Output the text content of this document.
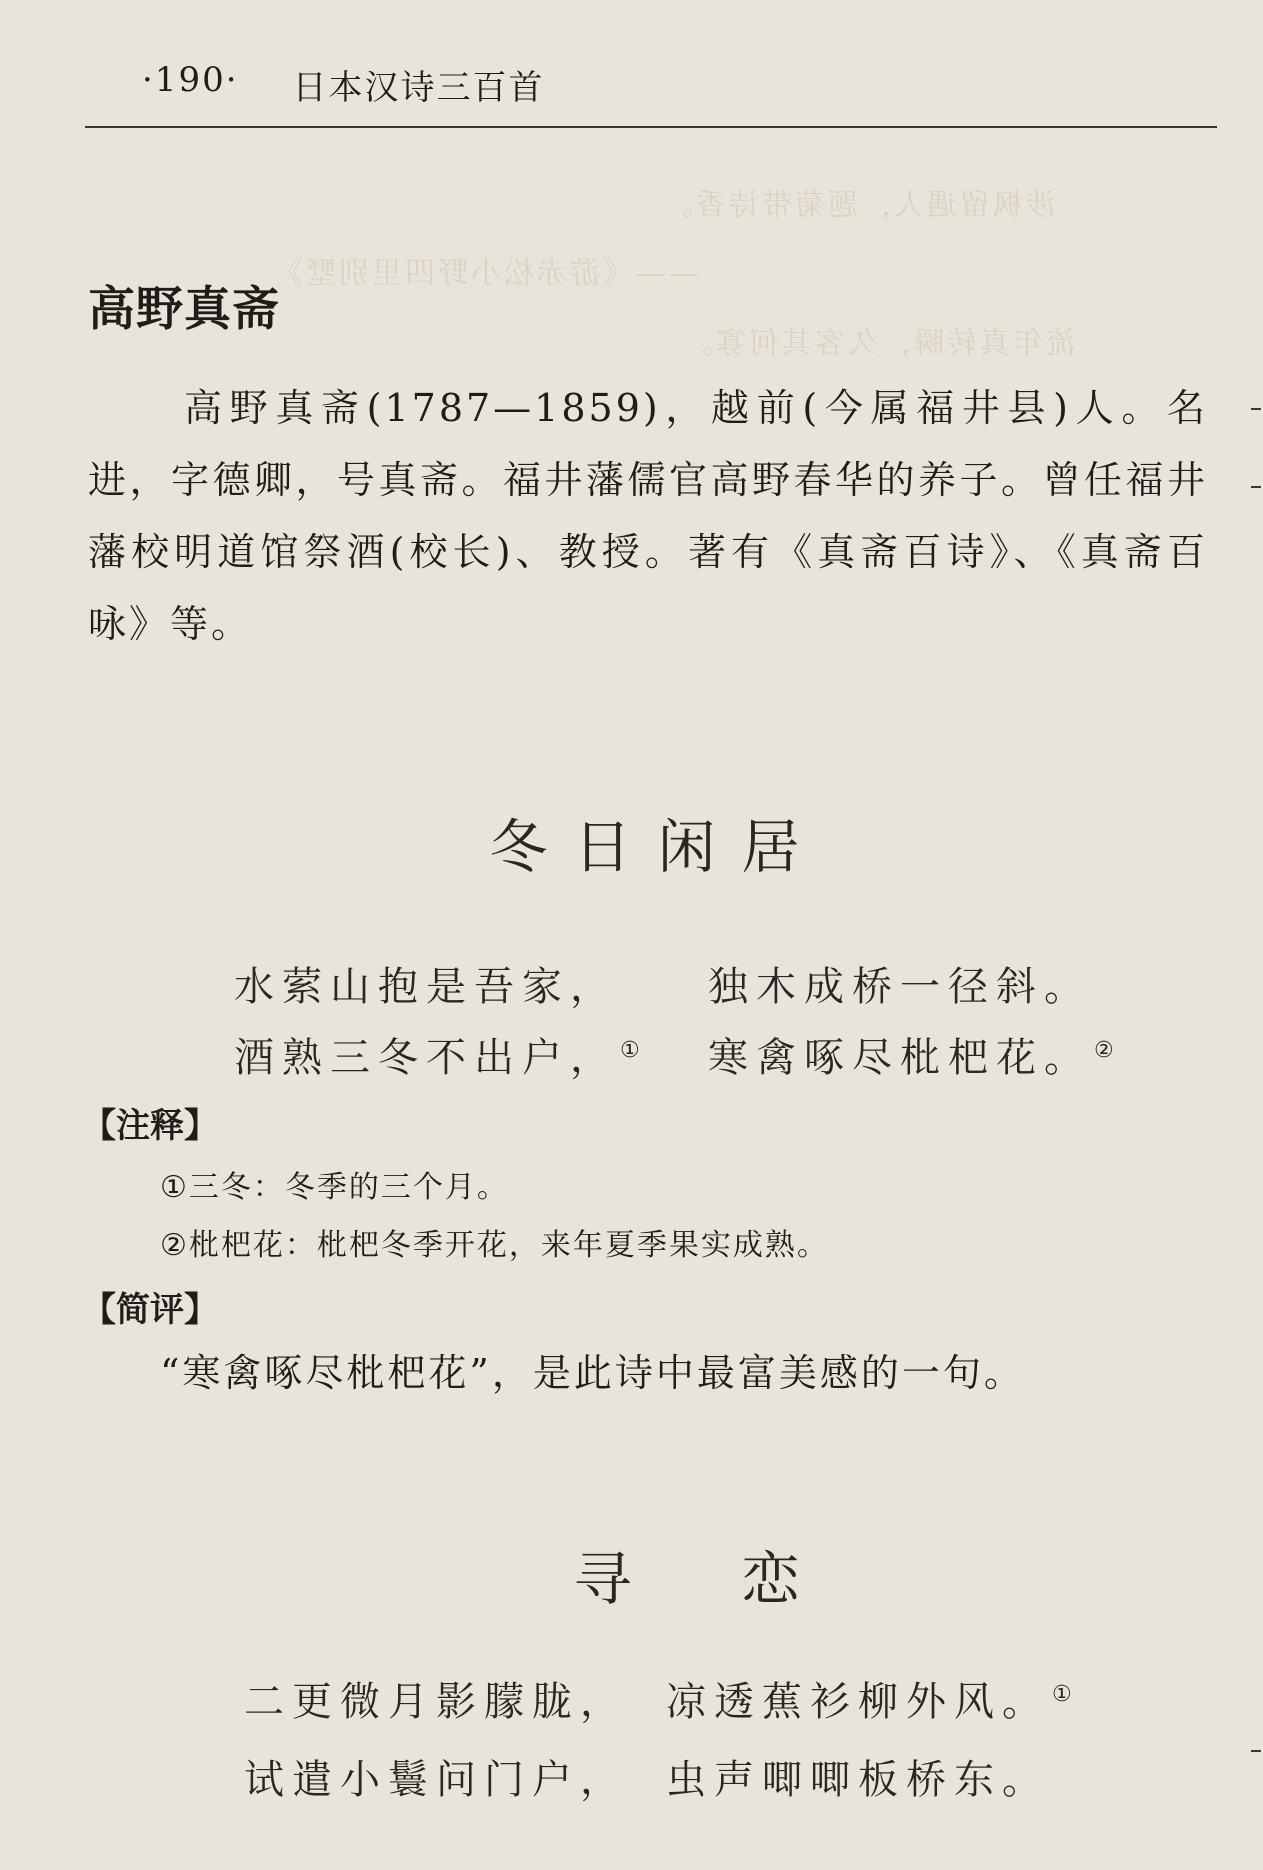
·190· 日本汉诗三百首
涉枫留遇人，题菊带诗香。
——《游赤松小野四里别墅》
流年真转瞬，久客其何寡。
高野真斋
高野真斋(1787—1859)，越前(今属福井县)人。名进，字德卿，号真斋。福井藩儒官高野春华的养子。曾任福井藩校明道馆祭酒(校长)、教授。著有《真斋百诗》、《真斋百咏》等。
冬日闲居
水萦山抱是吾家， 独木成桥一径斜。
酒熟三冬不出户，① 寒禽啄尽枇杷花。②
【注释】
①三冬：冬季的三个月。
②枇杷花：枇杷冬季开花，来年夏季果实成熟。
【简评】
“寒禽啄尽枇杷花”，是此诗中最富美感的一句。
寻恋
二更微月影朦胧， 凉透蕉衫柳外风。①
试遣小鬟问门户， 虫声唧唧板桥东。
